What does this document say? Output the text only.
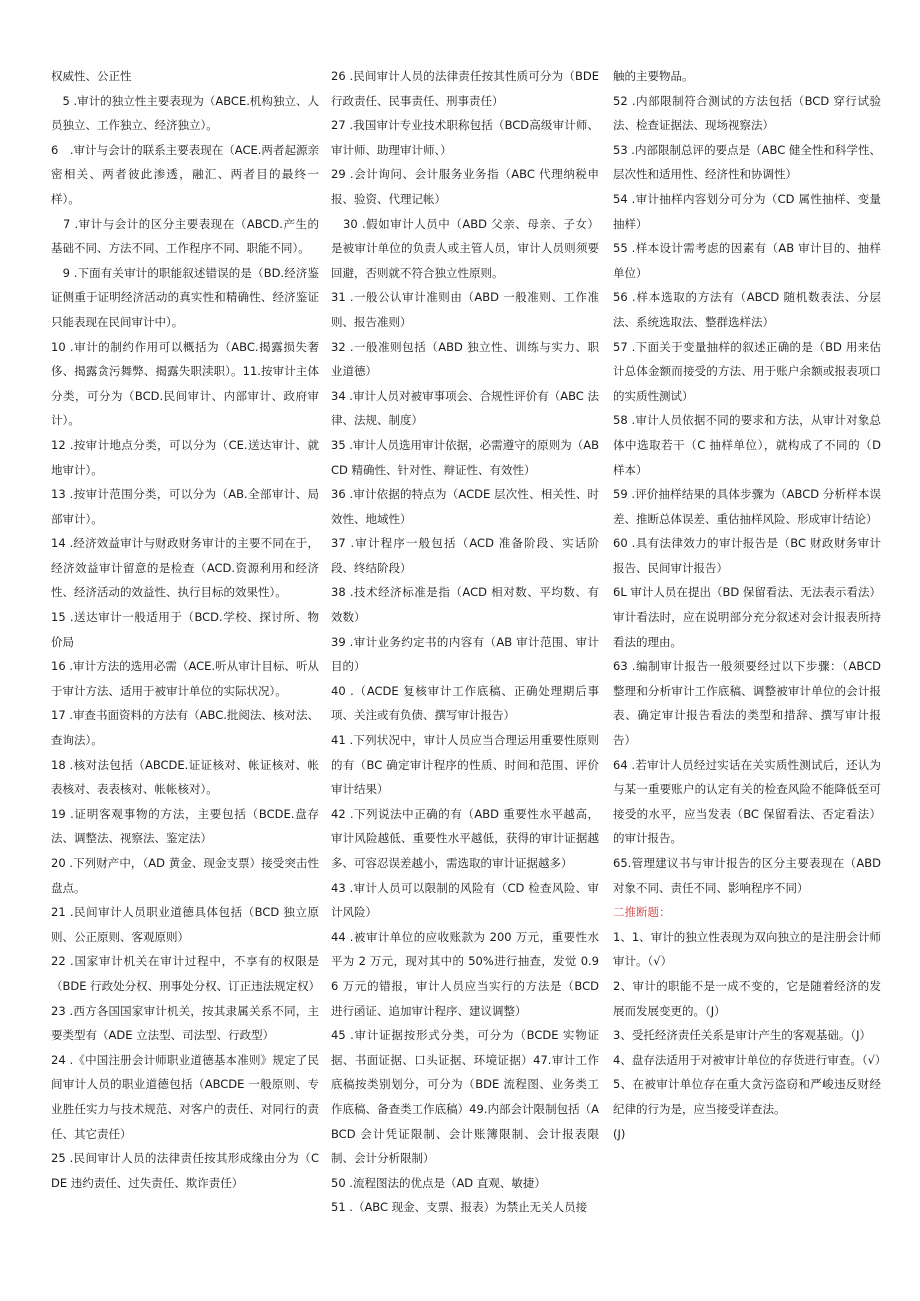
权威性、公正性

　5 .审计的独立性主要表现为（ABCE.机构独立、人员独立、工作独立、经济独立）。

6　.审计与会计的联系主要表现在（ACE.两者起源亲密相关、两者彼此渗透，融汇、两者目的最终一样）。

　7 .审计与会计的区分主要表现在（ABCD.产生的基础不同、方法不同、工作程序不同、职能不同）。

　9 .下面有关审计的职能叙述错误的是（BD.经济鉴证侧重于证明经济活动的真实性和精确性、经济鉴证只能表现在民间审计中）。

10 .审计的制约作用可以概括为（ABC.揭露损失奢侈、揭露贪污舞弊、揭露失职渎职）。11.按审计主体分类，可分为（BCD.民间审计、内部审计、政府审计）。

12 .按审计地点分类，可以分为（CE.送达审计、就地审计）。

13 .按审计范围分类，可以分为（AB.全部审计、局部审计）。

14 .经济效益审计与财政财务审计的主要不同在于，经济效益审计留意的是检查（ACD.资源利用和经济性、经济活动的效益性、执行目标的效果性）。

15 .送达审计一般适用于（BCD.学校、探讨所、物价局

16 .审计方法的选用必需（ACE.听从审计目标、听从于审计方法、适用于被审计单位的实际状况）。

17 .审查书面资料的方法有（ABC.批阅法、核对法、查询法）。

18 .核对法包括（ABCDE.证证核对、帐证核对、帐表核对、表表核对、帐帐核对）。

19 .证明客观事物的方法，主要包括（BCDE.盘存法、调整法、视察法、鉴定法）

20 .下列财产中，（AD 黄金、现金支票）接受突击性盘点。

21 .民间审计人员职业道德具体包括（BCD 独立原则、公正原则、客观原则）

22 .国家审计机关在审计过程中，不享有的权限是（BDE 行政处分权、刑事处分权、订正违法规定权）

23 .西方各国国家审计机关，按其隶属关系不同，主要类型有（ADE 立法型、司法型、行政型）

24 .《中国注册会计师职业道德基本准则》规定了民间审计人员的职业道德包括（ABCDE 一般原则、专业胜任实力与技术规范、对客户的责任、对同行的责任、其它责任）

25 .民间审计人员的法律责任按其形成缘由分为（CDE 违约责任、过失责任、欺诈责任）

26 .民间审计人员的法律责任按其性质可分为（BDE 行政责任、民事责任、刑事责任）

27 .我国审计专业技术职称包括（BCD高级审计师、审计师、助理审计师、）

29 .会计询问、会计服务业务指（ABC 代理纳税申报、验资、代理记帐）

　30 .假如审计人员中（ABD 父亲、母亲、子女）是被审计单位的负责人或主管人员，审计人员则须要回避，否则就不符合独立性原则。

31 .一般公认审计准则由（ABD 一般准则、工作准则、报告准则）

32 .一般准则包括（ABD 独立性、训练与实力、职业道德）

34 .审计人员对被审事项会、合规性评价有（ABC 法律、法规、制度）

35 .审计人员选用审计依据，必需遵守的原则为（ABCD 精确性、针对性、辩证性、有效性）

36 .审计依据的特点为（ACDE 层次性、相关性、时效性、地域性）

37 .审计程序一般包括（ACD 准备阶段、实话阶段、终结阶段）

38 .技术经济标准是指（ACD 相对数、平均数、有效数）

39 .审计业务约定书的内容有（AB 审计范围、审计目的）

40 .（ACDE 复核审计工作底稿、正确处理期后事项、关注或有负债、撰写审计报告）

41 .下列状况中，审计人员应当合理运用重要性原则的有（BC 确定审计程序的性质、时间和范围、评价审计结果）

42 .下列说法中正确的有（ABD 重要性水平越高，审计风险越低、重要性水平越低，获得的审计证据越多、可容忍误差越小，需选取的审计证据越多）

43 .审计人员可以限制的风险有（CD 检查风险、审计风险）

44 .被审计单位的应收账款为 200 万元，重要性水平为 2 万元，现对其中的 50%进行抽查，发觉 0.96 万元的错报，审计人员应当实行的方法是（BCD 进行函证、追加审计程序、建议调整）

45 .审计证据按形式分类，可分为（BCDE 实物证据、书面证据、口头证据、环境证据）47.审计工作底稿按类别划分，可分为（BDE 流程图、业务类工作底稿、备查类工作底稿）49.内部会计限制包括（ABCD 会计凭证限制、会计账簿限制、会计报表限制、会计分析限制）

50 .流程图法的优点是（AD 直观、敏捷）

51 .（ABC 现金、支票、报表）为禁止无关人员接

触的主要物品。

52 .内部限制符合测试的方法包括（BCD 穿行试验法、检查证据法、现场视察法）

53 .内部限制总评的要点是（ABC 健全性和科学性、层次性和适用性、经济性和协调性）

54 .审计抽样内容划分可分为（CD 属性抽样、变量抽样）

55 .样本设计需考虑的因素有（AB 审计目的、抽样单位）

56 .样本选取的方法有（ABCD 随机数表法、分层法、系统选取法、整群选样法）

57 .下面关于变量抽样的叙述正确的是（BD 用来估计总体金额而接受的方法、用于账户余额或报表项口的实质性测试）

58 .审计人员依据不同的要求和方法，从审计对象总体中选取若干（C 抽样单位），就构成了不同的（D 样本）

59 .评价抽样结果的具体步骤为（ABCD 分析样本误差、推断总体误差、重估抽样风险、形成审计结论）

60 .具有法律效力的审计报告是（BC 财政财务审计报告、民间审计报告）

6L 审计人员在提出（BD 保留看法、无法表示看法）审计看法时，应在说明部分充分叙述对会计报表所持看法的理由。

63 .编制审计报告一般须要经过以下步骤：（ABCD 整理和分析审计工作底稿、调整被审计单位的会计报表、确定审计报告看法的类型和措辞、撰写审计报告）

64 .若审计人员经过实话在关实质性测试后，还认为与某一重要账户的认定有关的检查风险不能降低至可接受的水平，应当发表（BC 保留看法、否定看法）的审计报告。

65.管理建议书与审计报告的区分主要表现在（ABD 对象不同、责任不同、影响程序不同）

二推断题：

1、1、审计的独立性表现为双向独立的是注册会计师审计。（√）

2、审计的职能不是一成不变的，它是随着经济的发展而发展变更的。（J）

3、受托经济责任关系是审计产生的客观基础。（J）

4、盘存法适用于对被审计单位的存货进行审查。（√）

5、在被审计单位存在重大贪污盗窃和严峻违反财经纪律的行为是，应当接受详查法。

(J)
